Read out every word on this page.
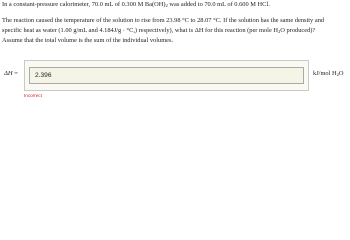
In a constant-pressure calorimeter, 70.0 mL of 0.300 M $Ba(OH)_2$ was added to 70.0 mL of 0.600 M HCl.
The reaction caused the temperature of the solution to rise from 23.98 °C to 28.07 °C. If the solution has the same density and
specific heat as water (1.00 g/mL and 4.184J/g · °C,) respectively), what is ΔH for this reaction (per mole $H_2O$ produced)?
Assume that the total volume is the sum of the individual volumes.
ΔH =	2.396	kJ/mol $H_2O$
Incorrect
